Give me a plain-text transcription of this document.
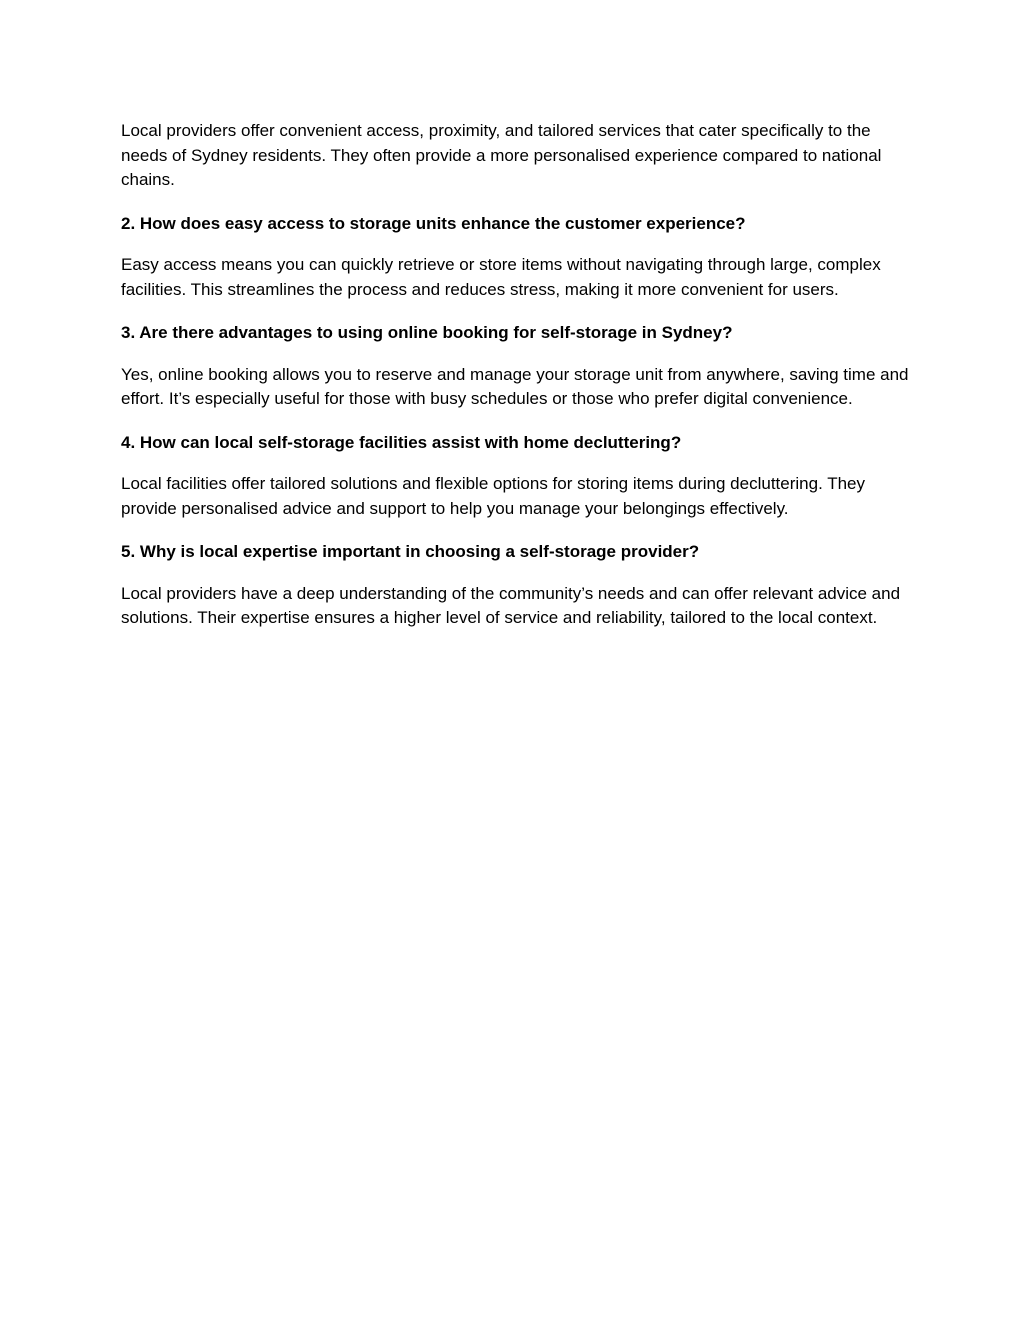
Local providers offer convenient access, proximity, and tailored services that cater specifically to the needs of Sydney residents. They often provide a more personalised experience compared to national chains.

2. How does easy access to storage units enhance the customer experience?

Easy access means you can quickly retrieve or store items without navigating through large, complex facilities. This streamlines the process and reduces stress, making it more convenient for users.

3. Are there advantages to using online booking for self-storage in Sydney?

Yes, online booking allows you to reserve and manage your storage unit from anywhere, saving time and effort. It’s especially useful for those with busy schedules or those who prefer digital convenience.

4. How can local self-storage facilities assist with home decluttering?

Local facilities offer tailored solutions and flexible options for storing items during decluttering. They provide personalised advice and support to help you manage your belongings effectively.

5. Why is local expertise important in choosing a self-storage provider?

Local providers have a deep understanding of the community’s needs and can offer relevant advice and solutions. Their expertise ensures a higher level of service and reliability, tailored to the local context.
